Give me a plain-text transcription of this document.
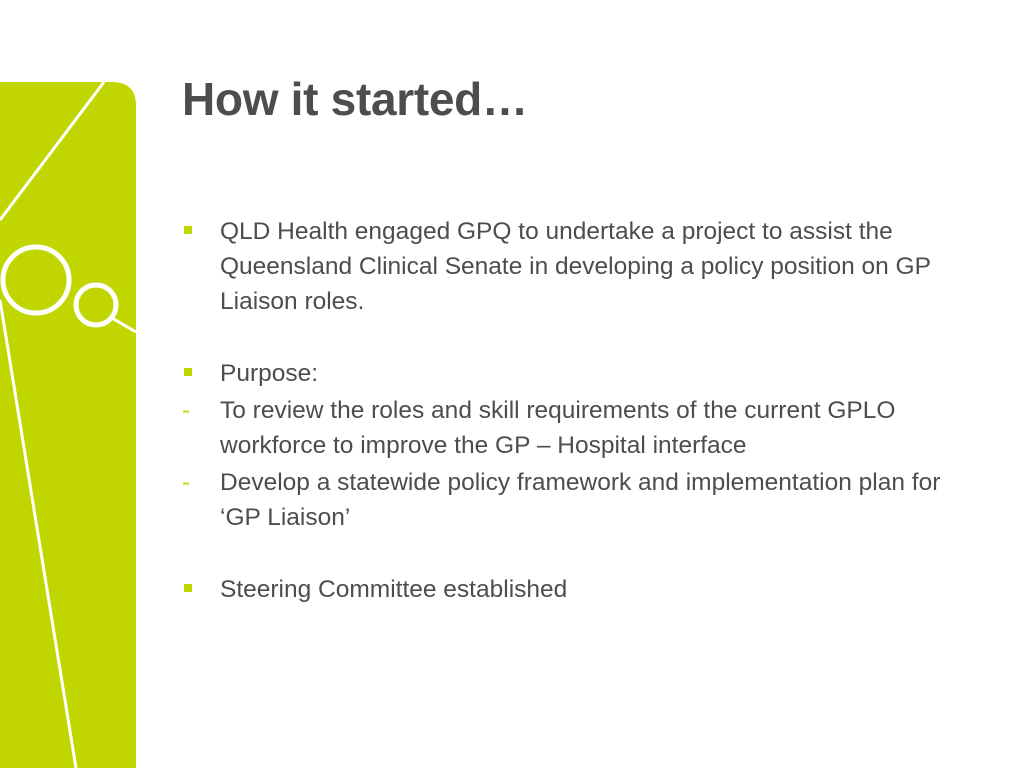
How it started…
QLD Health engaged GPQ to undertake a project to assist the Queensland Clinical Senate in developing a policy position on GP Liaison roles.
Purpose:
-	To review the roles and skill requirements of the current GPLO workforce to improve the GP – Hospital interface
-	Develop a statewide policy framework and implementation plan for ‘GP Liaison’
Steering Committee established
